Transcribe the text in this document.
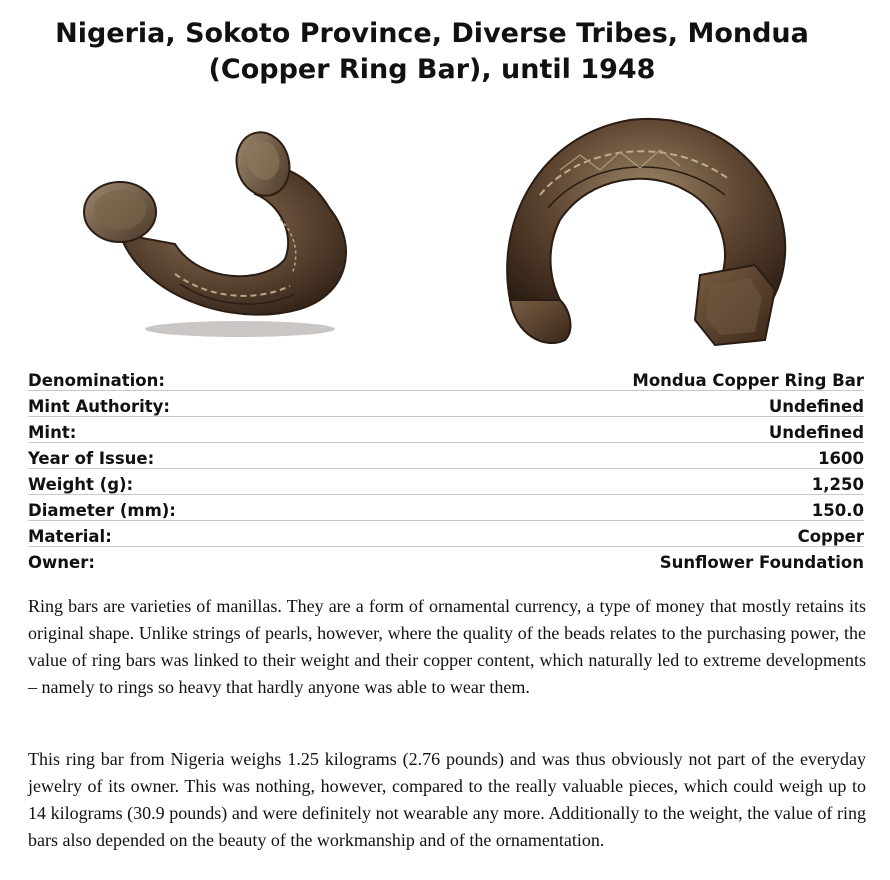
Nigeria, Sokoto Province, Diverse Tribes, Mondua
(Copper Ring Bar), until 1948
Denomination:	Mondua Copper Ring Bar
Mint Authority:	Undefined
Mint:	Undefined
Year of Issue:	1600
Weight (g):	1,250
Diameter (mm):	150.0
Material:	Copper
Owner:	Sunflower Foundation

Ring bars are varieties of manillas. They are a form of ornamental currency, a type of money that mostly retains its original shape. Unlike strings of pearls, however, where the quality of the beads relates to the purchasing power, the value of ring bars was linked to their weight and their copper content, which naturally led to extreme developments – namely to rings so heavy that hardly anyone was able to wear them.

This ring bar from Nigeria weighs 1.25 kilograms (2.76 pounds) and was thus obviously not part of the everyday jewelry of its owner. This was nothing, however, compared to the really valuable pieces, which could weigh up to 14 kilograms (30.9 pounds) and were definitely not wearable any more. Additionally to the weight, the value of ring bars also depended on the beauty of the workmanship and of the ornamentation.
